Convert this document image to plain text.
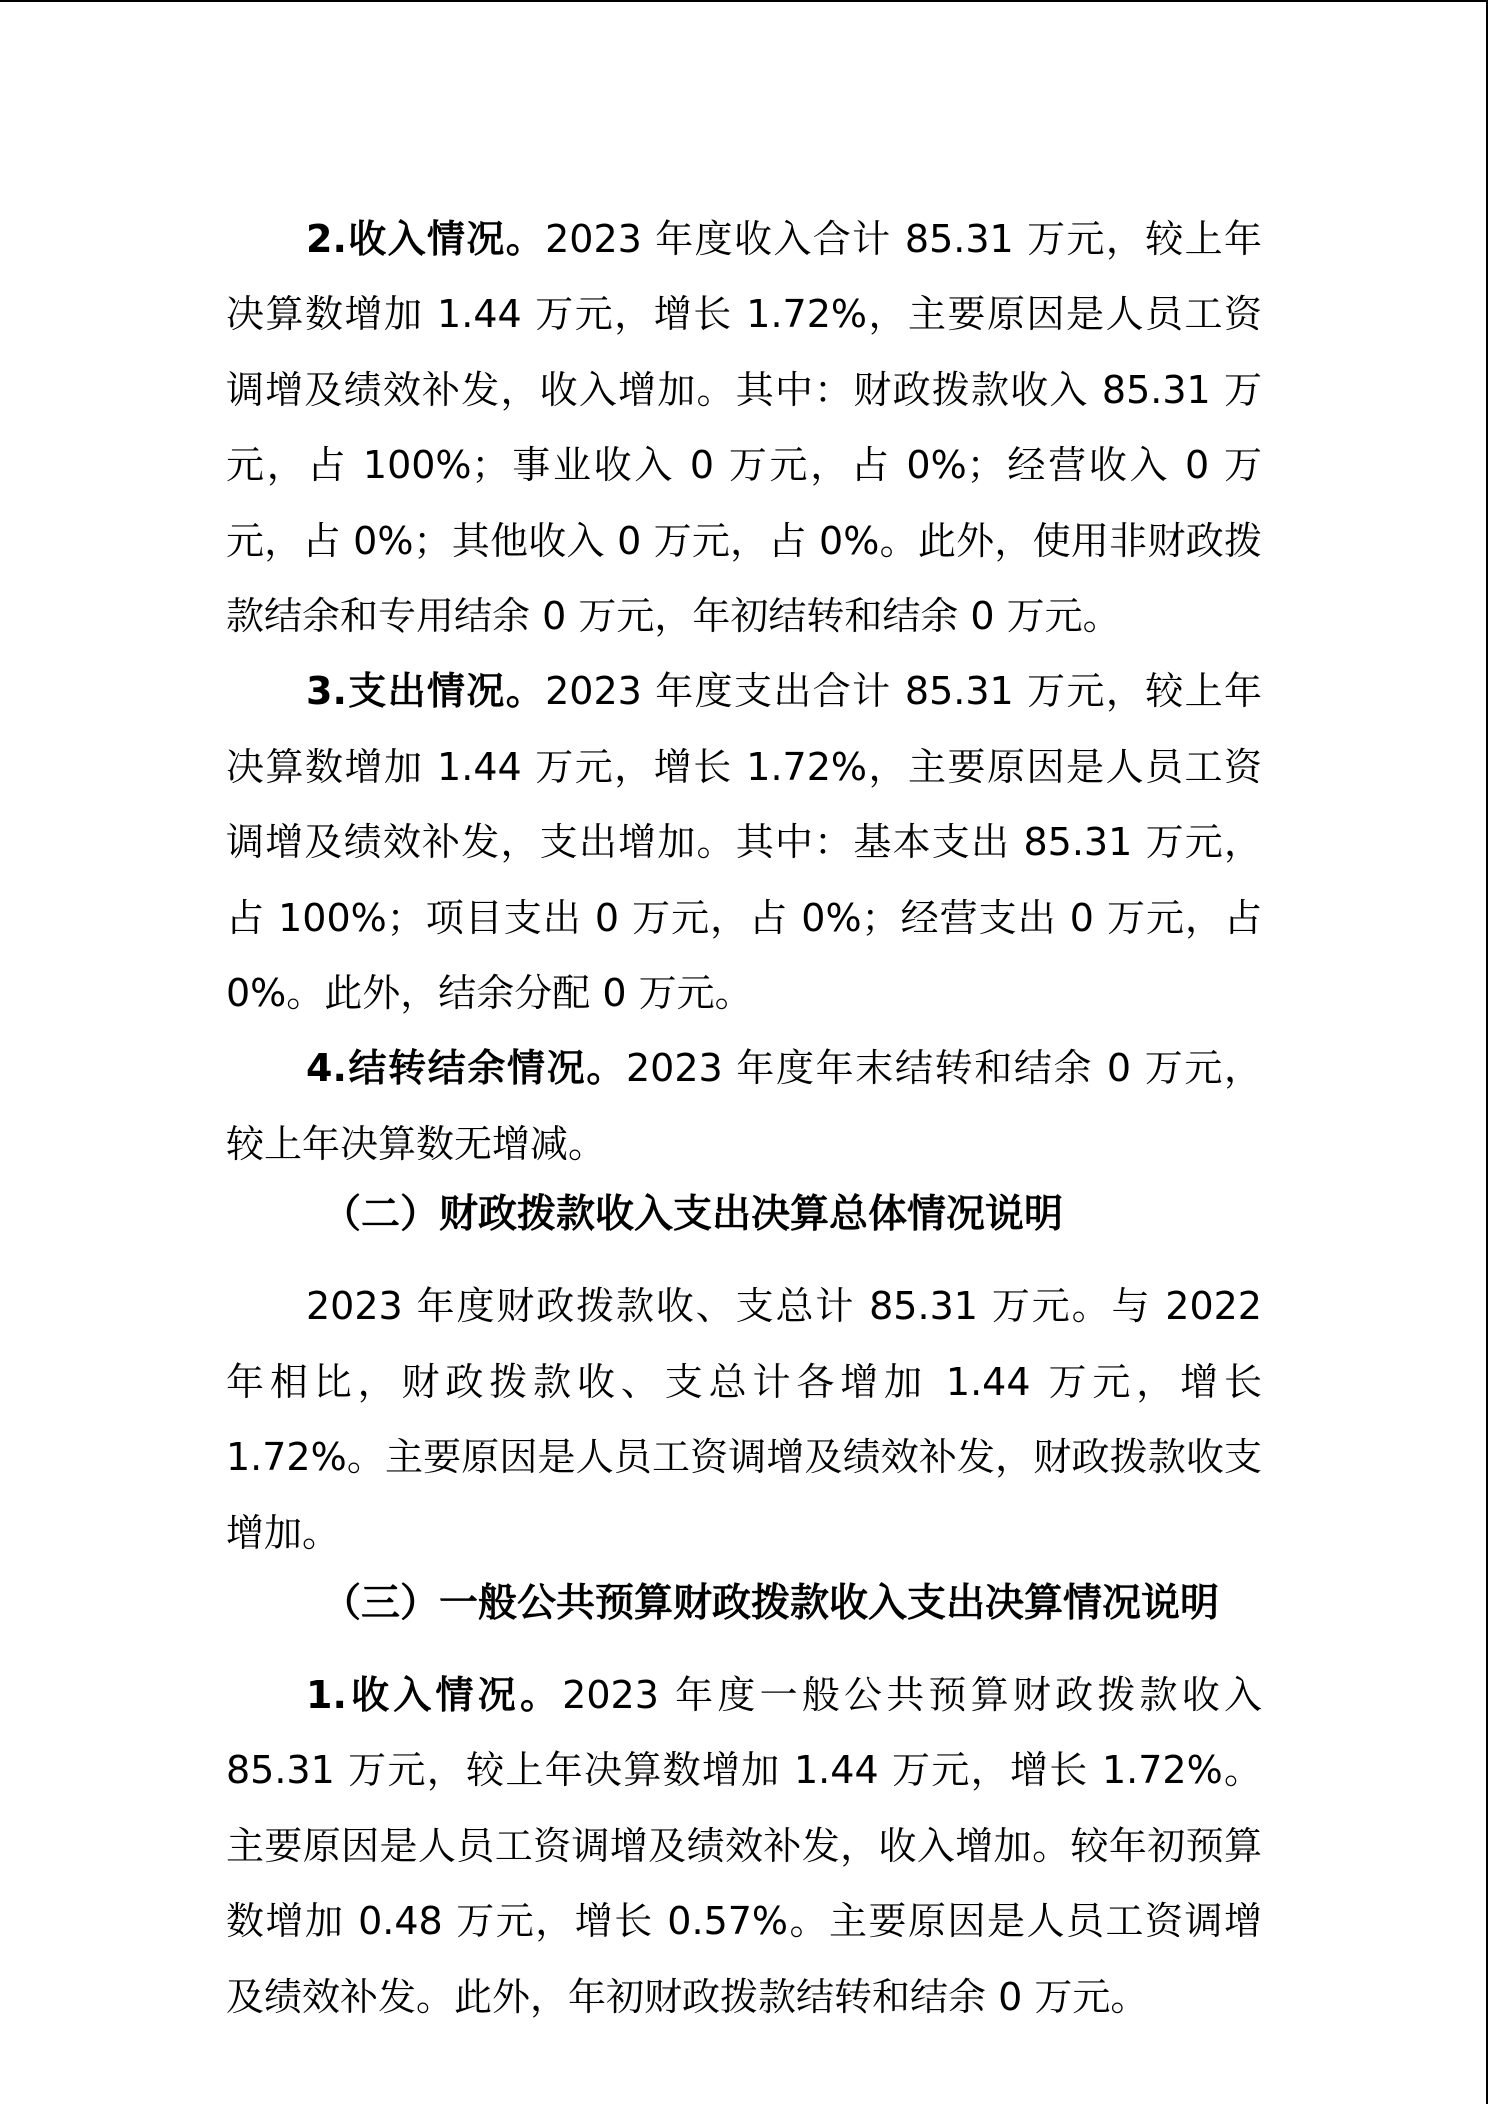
2.收入情况。2023 年度收入合计 85.31 万元，较上年决算数增加 1.44 万元，增长 1.72%，主要原因是人员工资调增及绩效补发，收入增加。其中：财政拨款收入 85.31 万元，占 100%；事业收入 0 万元，占 0%；经营收入 0 万元，占 0%；其他收入 0 万元，占 0%。此外，使用非财政拨款结余和专用结余 0 万元，年初结转和结余 0 万元。

3.支出情况。2023 年度支出合计 85.31 万元，较上年决算数增加 1.44 万元，增长 1.72%，主要原因是人员工资调增及绩效补发，支出增加。其中：基本支出 85.31 万元，占 100%；项目支出 0 万元，占 0%；经营支出 0 万元，占 0%。此外，结余分配 0 万元。

4.结转结余情况。2023 年度年末结转和结余 0 万元，较上年决算数无增减。

（二）财政拨款收入支出决算总体情况说明

2023 年度财政拨款收、支总计 85.31 万元。与 2022 年相比，财政拨款收、支总计各增加 1.44 万元，增长 1.72%。主要原因是人员工资调增及绩效补发，财政拨款收支增加。

（三）一般公共预算财政拨款收入支出决算情况说明

1.收入情况。2023 年度一般公共预算财政拨款收入 85.31 万元，较上年决算数增加 1.44 万元，增长 1.72%。主要原因是人员工资调增及绩效补发，收入增加。较年初预算数增加 0.48 万元，增长 0.57%。主要原因是人员工资调增及绩效补发。此外，年初财政拨款结转和结余 0 万元。
